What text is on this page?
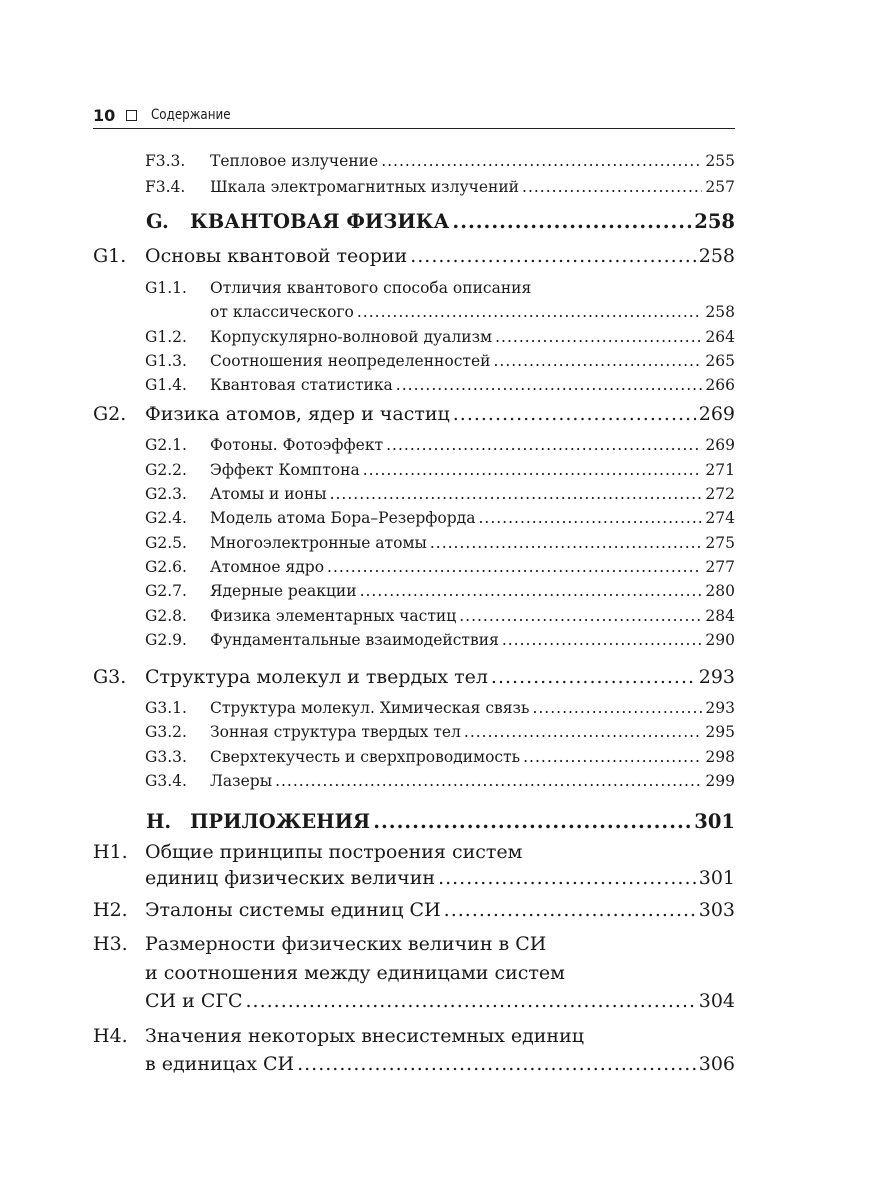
10	Содержание
F3.3.	Тепловое излучение .....	255
F3.4.	Шкала электромагнитных излучений .....	257
G.	КВАНТОВАЯ ФИЗИКА .....	258
G1. Основы квантовой теории .....	258
G1.1.	Отличия квантового способа описания
от классического .....	258
G1.2.	Корпускулярно-волновой дуализм .....	264
G1.3.	Соотношения неопределенностей .....	265
G1.4.	Квантовая статистика .....	266
G2. Физика атомов, ядер и частиц .....	269
G2.1.	Фотоны. Фотоэффект .....	269
G2.2.	Эффект Комптона .....	271
G2.3.	Атомы и ионы .....	272
G2.4.	Модель атома Бора–Резерфорда .....	274
G2.5.	Многоэлектронные атомы .....	275
G2.6.	Атомное ядро .....	277
G2.7.	Ядерные реакции .....	280
G2.8.	Физика элементарных частиц .....	284
G2.9.	Фундаментальные взаимодействия .....	290
G3. Структура молекул и твердых тел .....	293
G3.1.	Структура молекул. Химическая связь .....	293
G3.2.	Зонная структура твердых тел .....	295
G3.3.	Сверхтекучесть и сверхпроводимость .....	298
G3.4.	Лазеры .....	299
H. ПРИЛОЖЕНИЯ .....	301
H1. Общие принципы построения систем
единиц физических величин .....	301
H2. Эталоны системы единиц СИ .....	303
H3. Размерности физических величин в СИ
и соотношения между единицами систем
СИ и СГС .....	304
H4. Значения некоторых внесистемных единиц
в единицах СИ .....	306
